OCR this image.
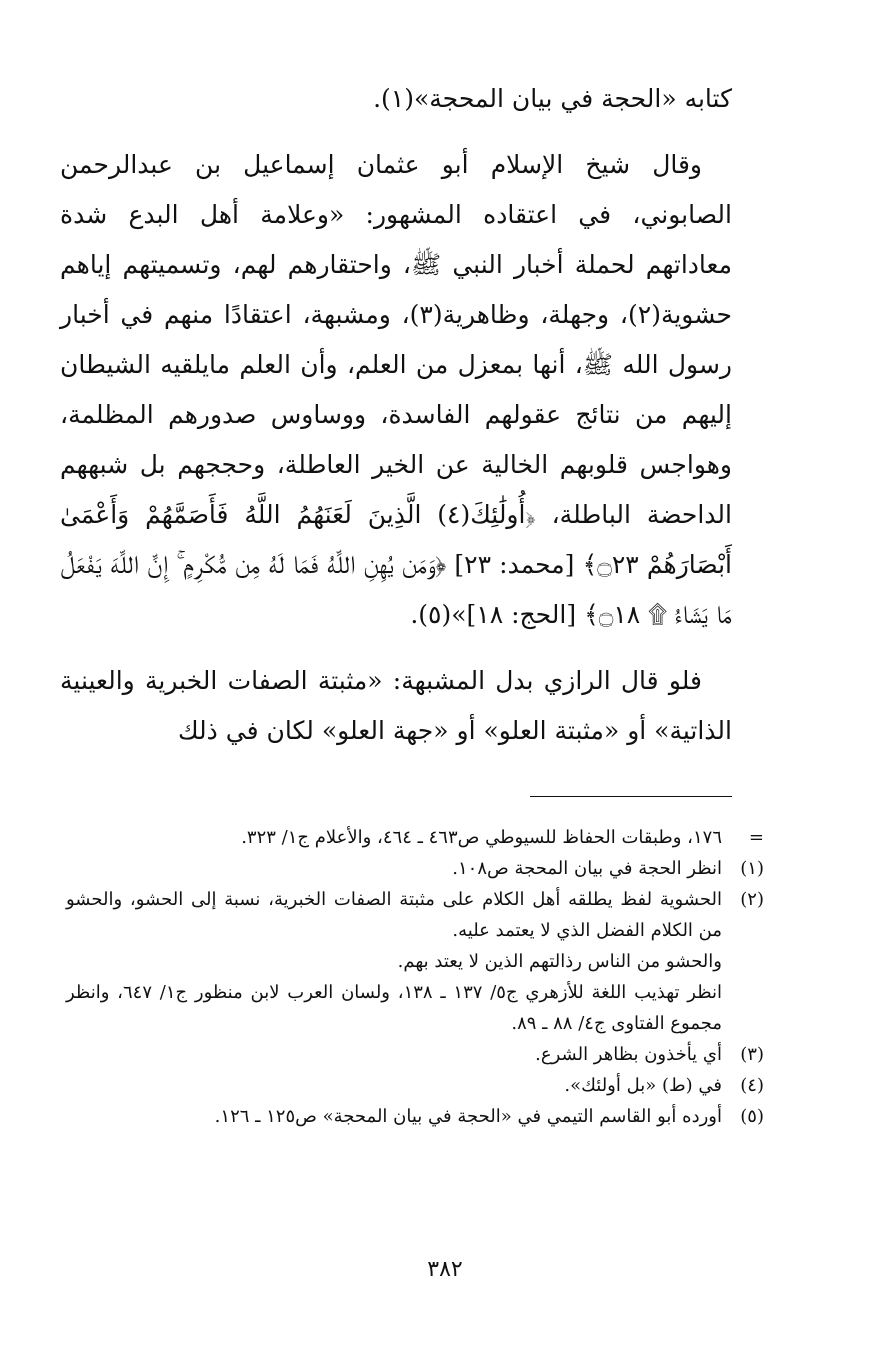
كتابه «الحجة في بيان المحجة»(١).

وقال شيخ الإسلام أبو عثمان إسماعيل بن عبدالرحمن الصابوني، في اعتقاده المشهور: «وعلامة أهل البدع شدة معاداتهم لحملة أخبار النبي ﷺ، واحتقارهم لهم، وتسميتهم إياهم حشوية(٢)، وجهلة، وظاهرية(٣)، ومشبهة، اعتقادًا منهم في أخبار رسول الله ﷺ، أنها بمعزل من العلم، وأن العلم مايلقيه الشيطان إليهم من نتائج عقولهم الفاسدة، ووساوس صدورهم المظلمة، وهواجس قلوبهم الخالية عن الخير العاطلة، وحججهم بل شبههم الداحضة الباطلة، ﴿أُولَٰئِكَ(٤) الَّذِينَ لَعَنَهُمُ اللَّهُ فَأَصَمَّهُمْ وَأَعْمَىٰ أَبْصَارَهُمْ ۝٢٣﴾ [محمد: ٢٣] ﴿وَمَن يُهِنِ اللَّهُ فَمَا لَهُ مِن مُّكْرِمٍ ۚ إِنَّ اللَّهَ يَفْعَلُ مَا يَشَاءُ ۩ ۝١٨﴾ [الحج: ١٨]»(٥).

فلو قال الرازي بدل المشبهة: «مثبتة الصفات الخبرية والعينية الذاتية» أو «مثبتة العلو» أو «جهة العلو» لكان في ذلك

=
١٧٦، وطبقات الحفاظ للسيوطي ص٤٦٣ ـ ٤٦٤، والأعلام ج١/ ٣٢٣.
(١)
انظر الحجة في بيان المحجة ص١٠٨.
(٢)
الحشوية لفظ يطلقه أهل الكلام على مثبتة الصفات الخبرية، نسبة إلى الحشو، والحشو من الكلام الفضل الذي لا يعتمد عليه.
والحشو من الناس رذالتهم الذين لا يعتد بهم.
انظر تهذيب اللغة للأزهري ج٥/ ١٣٧ ـ ١٣٨، ولسان العرب لابن منظور ج١/ ٦٤٧، وانظر مجموع الفتاوى ج٤/ ٨٨ ـ ٨٩.
(٣)
أي يأخذون بظاهر الشرع.
(٤)
في (ط) «بل أولئك».
(٥)
أورده أبو القاسم التيمي في «الحجة في بيان المحجة» ص١٢٥ ـ ١٢٦.
٣٨٢
